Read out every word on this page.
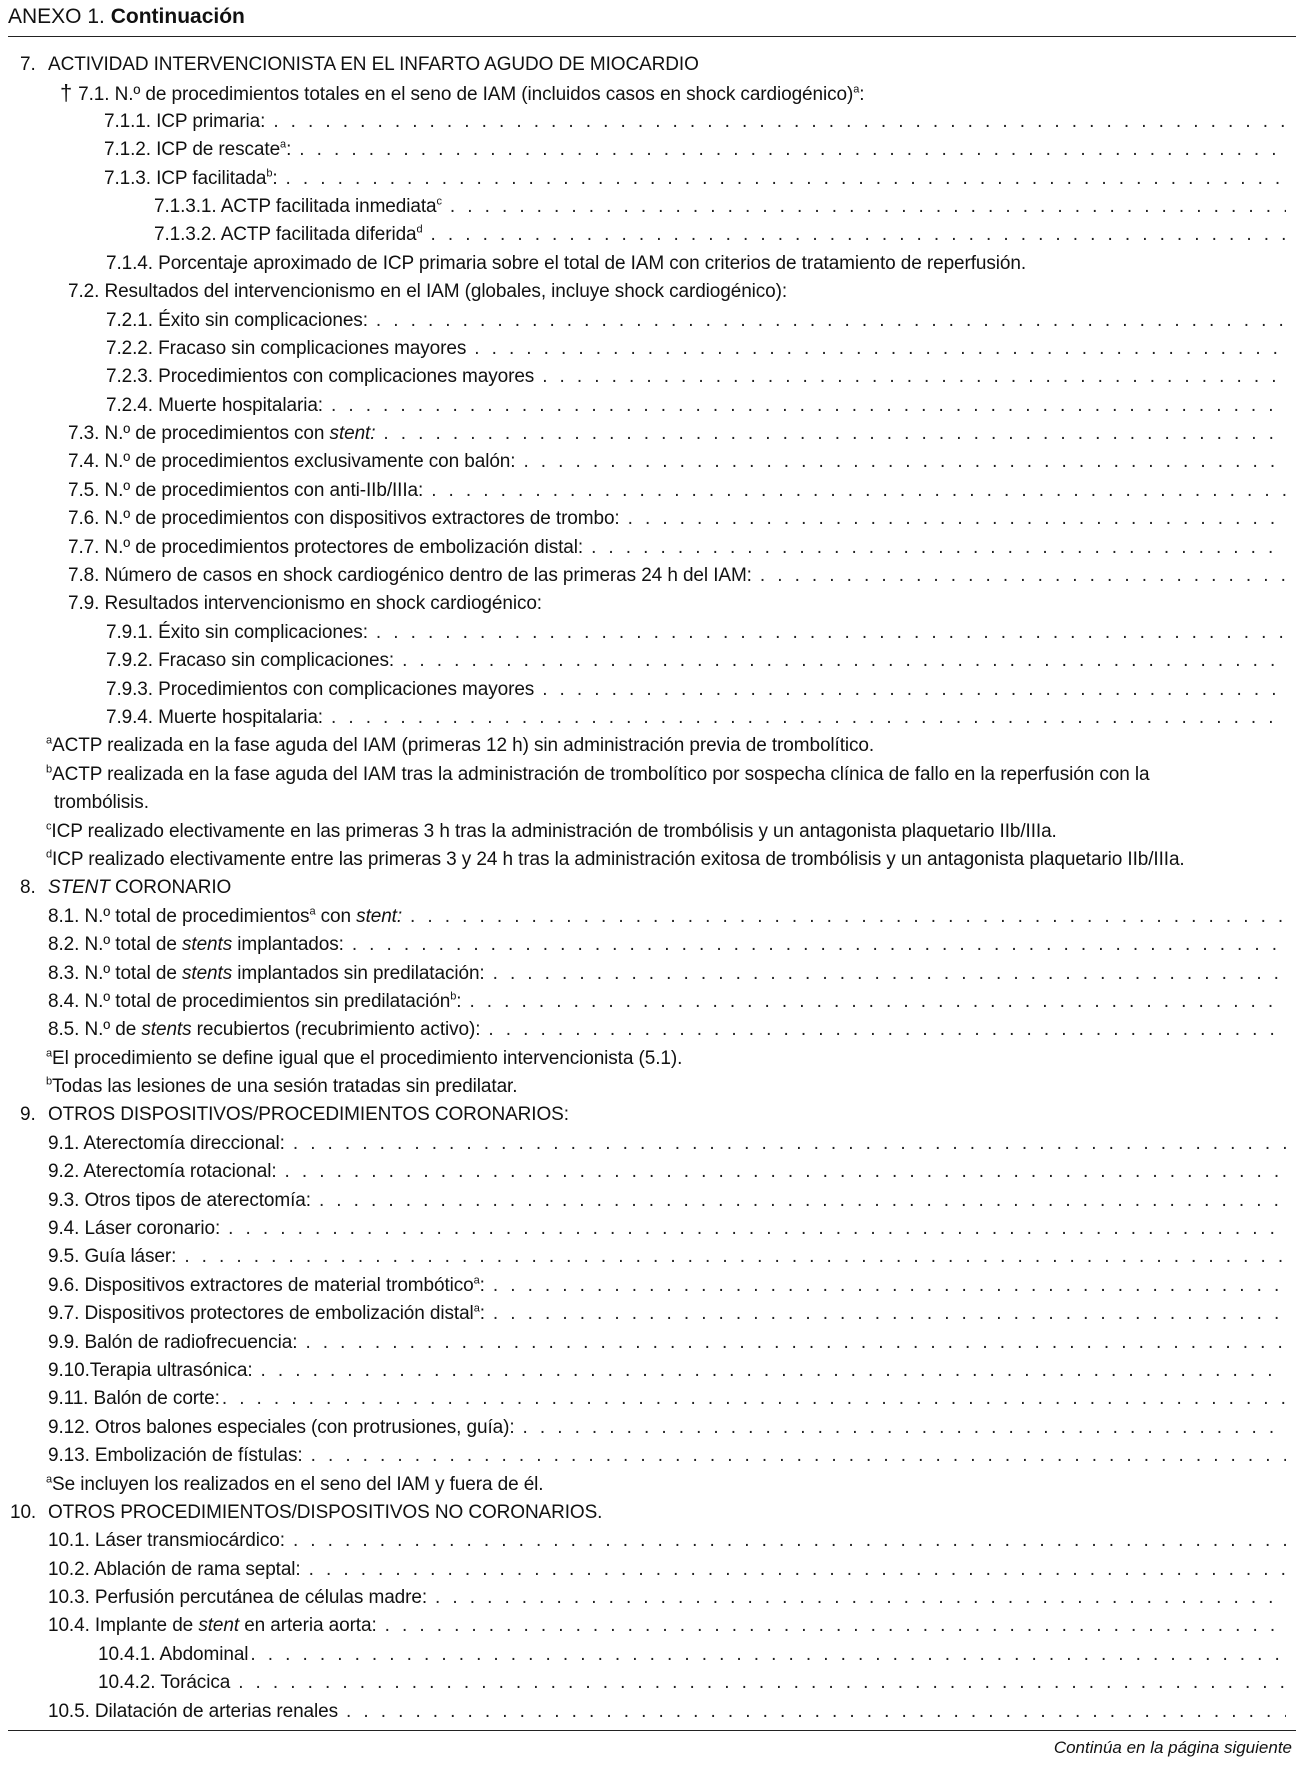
ANEXO 1. Continuación
7. ACTIVIDAD INTERVENCIONISTA EN EL INFARTO AGUDO DE MIOCARDIO
† 7.1. N.º de procedimientos totales en el seno de IAM (incluidos casos en shock cardiogénico)$^a$:
7.1.1. ICP primaria:
. . .
7.1.2. ICP de rescate$^a$:
. . .
7.1.3. ICP facilitada$^b$:
. . .
7.1.3.1. ACTP facilitada inmediata$^c$
. . .
7.1.3.2. ACTP facilitada diferida$^d$
. . .
7.1.4. Porcentaje aproximado de ICP primaria sobre el total de IAM con criterios de tratamiento de reperfusión.
7.2. Resultados del intervencionismo en el IAM (globales, incluye shock cardiogénico):
7.2.1. Éxito sin complicaciones:
. . .
7.2.2. Fracaso sin complicaciones mayores
. . .
7.2.3. Procedimientos con complicaciones mayores
. . .
7.2.4. Muerte hospitalaria:
. . .
7.3. N.º de procedimientos con stent:
. . .
7.4. N.º de procedimientos exclusivamente con balón:
. . .
7.5. N.º de procedimientos con anti-IIb/IIIa:
. . .
7.6. N.º de procedimientos con dispositivos extractores de trombo:
. . .
7.7. N.º de procedimientos protectores de embolización distal:
. . .
7.8. Número de casos en shock cardiogénico dentro de las primeras 24 h del IAM:
. . .
7.9. Resultados intervencionismo en shock cardiogénico:
7.9.1. Éxito sin complicaciones:
. . .
7.9.2. Fracaso sin complicaciones:
. . .
7.9.3. Procedimientos con complicaciones mayores
. . .
7.9.4. Muerte hospitalaria:
. . .
$^a$ACTP realizada en la fase aguda del IAM (primeras 12 h) sin administración previa de trombolítico.
$^b$ACTP realizada en la fase aguda del IAM tras la administración de trombolítico por sospecha clínica de fallo en la reperfusión con la
trombólisis.
$^c$ICP realizado electivamente en las primeras 3 h tras la administración de trombólisis y un antagonista plaquetario IIb/IIIa.
$^d$ICP realizado electivamente entre las primeras 3 y 24 h tras la administración exitosa de trombólisis y un antagonista plaquetario IIb/IIIa.
8. STENT CORONARIO
8.1. N.º total de procedimientos$^a$ con stent:
. . .
8.2. N.º total de stents implantados:
. . .
8.3. N.º total de stents implantados sin predilatación:
. . .
8.4. N.º total de procedimientos sin predilatación$^b$:
. . .
8.5. N.º de stents recubiertos (recubrimiento activo):
. . .
$^a$El procedimiento se define igual que el procedimiento intervencionista (5.1).
$^b$Todas las lesiones de una sesión tratadas sin predilatar.
9. OTROS DISPOSITIVOS/PROCEDIMIENTOS CORONARIOS:
9.1. Aterectomía direccional:
. . .
9.2. Aterectomía rotacional:
. . .
9.3. Otros tipos de aterectomía:
. . .
9.4. Láser coronario:
. . .
9.5. Guía láser:
. . .
9.6. Dispositivos extractores de material trombótico$^a$:
. . .
9.7. Dispositivos protectores de embolización distal$^a$:
. . .
9.9. Balón de radiofrecuencia:
. . .
9.10.Terapia ultrasónica:
. . .
9.11. Balón de corte:
. . .
9.12. Otros balones especiales (con protrusiones, guía):
. . .
9.13. Embolización de fístulas:
. . .
$^a$Se incluyen los realizados en el seno del IAM y fuera de él.
10. OTROS PROCEDIMIENTOS/DISPOSITIVOS NO CORONARIOS.
10.1. Láser transmiocárdico:
. . .
10.2. Ablación de rama septal:
. . .
10.3. Perfusión percutánea de células madre:
. . .
10.4. Implante de stent en arteria aorta:
. . .
10.4.1. Abdominal
. . .
10.4.2. Torácica
. . .
10.5. Dilatación de arterias renales
. . .
Continúa en la página siguiente
